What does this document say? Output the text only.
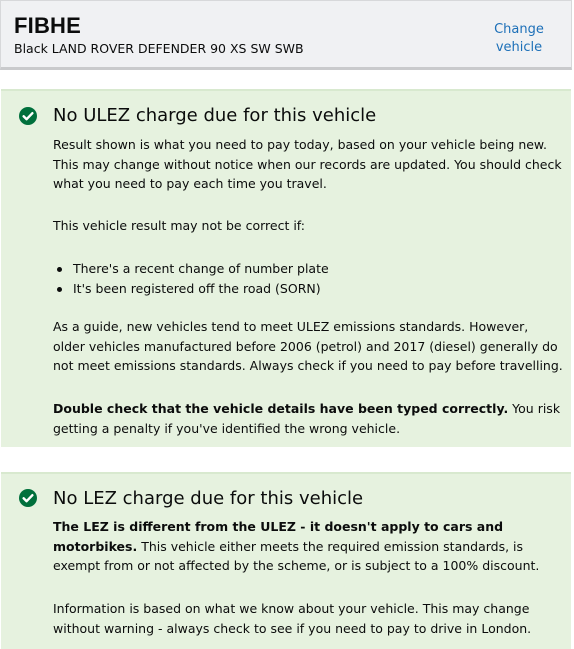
FIBHE
Black LAND ROVER DEFENDER 90 XS SW SWB
Change
vehicle
No ULEZ charge due for this vehicle

Result shown is what you need to pay today, based on your vehicle being new. This may change without notice when our records are updated. You should check what you need to pay each time you travel.

This vehicle result may not be correct if:

There's a recent change of number plate
It's been registered off the road (SORN)

As a guide, new vehicles tend to meet ULEZ emissions standards. However, older vehicles manufactured before 2006 (petrol) and 2017 (diesel) generally do not meet emissions standards. Always check if you need to pay before travelling.

Double check that the vehicle details have been typed correctly. You risk getting a penalty if you've identified the wrong vehicle.

No LEZ charge due for this vehicle

The LEZ is different from the ULEZ - it doesn't apply to cars and motorbikes. This vehicle either meets the required emission standards, is exempt from or not affected by the scheme, or is subject to a 100% discount.

Information is based on what we know about your vehicle. This may change without warning - always check to see if you need to pay to drive in London.
